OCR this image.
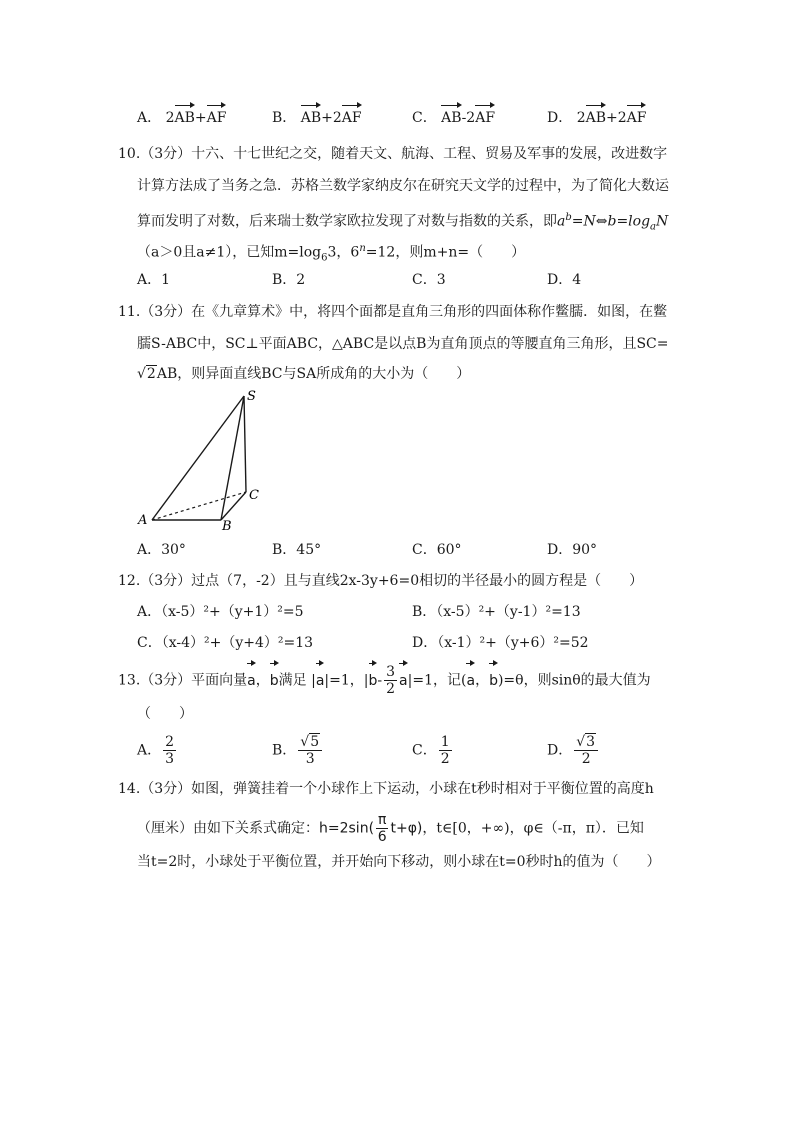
A． 2AB+AF	B． AB+2AF	C． AB-2AF	D． 2AB+2AF
10.（3分）十六、十七世纪之交，随着天文、航海、工程、贸易及军事的发展，改进数字
计算方法成了当务之急．苏格兰数学家纳皮尔在研究天文学的过程中，为了简化大数运
算而发明了对数，后来瑞士数学家欧拉发现了对数与指数的关系，即$a^b=N\Leftrightarrow b=\log_aN$
（a＞0且a≠1），已知$m=\log_63$，$6^n=12$，则m+n=（　　）
A．1	B．2	C．3	D．4
11.（3分）在《九章算术》中，将四个面都是直角三角形的四面体称作鳖臑．如图，在鳖
臑S-ABC中，SC⊥平面ABC，△ABC是以点B为直角顶点的等腰直角三角形，且SC=
√2AB，则异面直线BC与SA所成角的大小为（　　）
S
A	B
C
A．30°	B．45°	C．60°	D．90°
12.（3分）过点（7，-2）且与直线2x-3y+6=0相切的半径最小的圆方程是（　　）
A．（x-5）²+（y+1）²=5	B．（x-5）²+（y-1）²=13
C．（x-4）²+（y+4）²=13	D．（x-1）²+（y+6）²=52
13.（3分）平面向量a，b满足 |a|=1，$|b- \frac{3}{2} a|=1$，记(a，b)=θ，则sinθ的最大值为
（　　）
A． $\frac{2}{3}$	B． $\frac{√5}{3}$	C． $\frac{1}{2}$	D． $\frac{√3}{2}$
14.（3分）如图，弹簧挂着一个小球作上下运动，小球在t秒时相对于平衡位置的高度h
（厘米）由如下关系式确定：$h=2\sin( \frac{\pi}{6} t+\varphi)$，t∈[0，+∞)，φ∈（-π，π）．已知
当t=2时，小球处于平衡位置，并开始向下移动，则小球在t=0秒时h的值为（　　）
